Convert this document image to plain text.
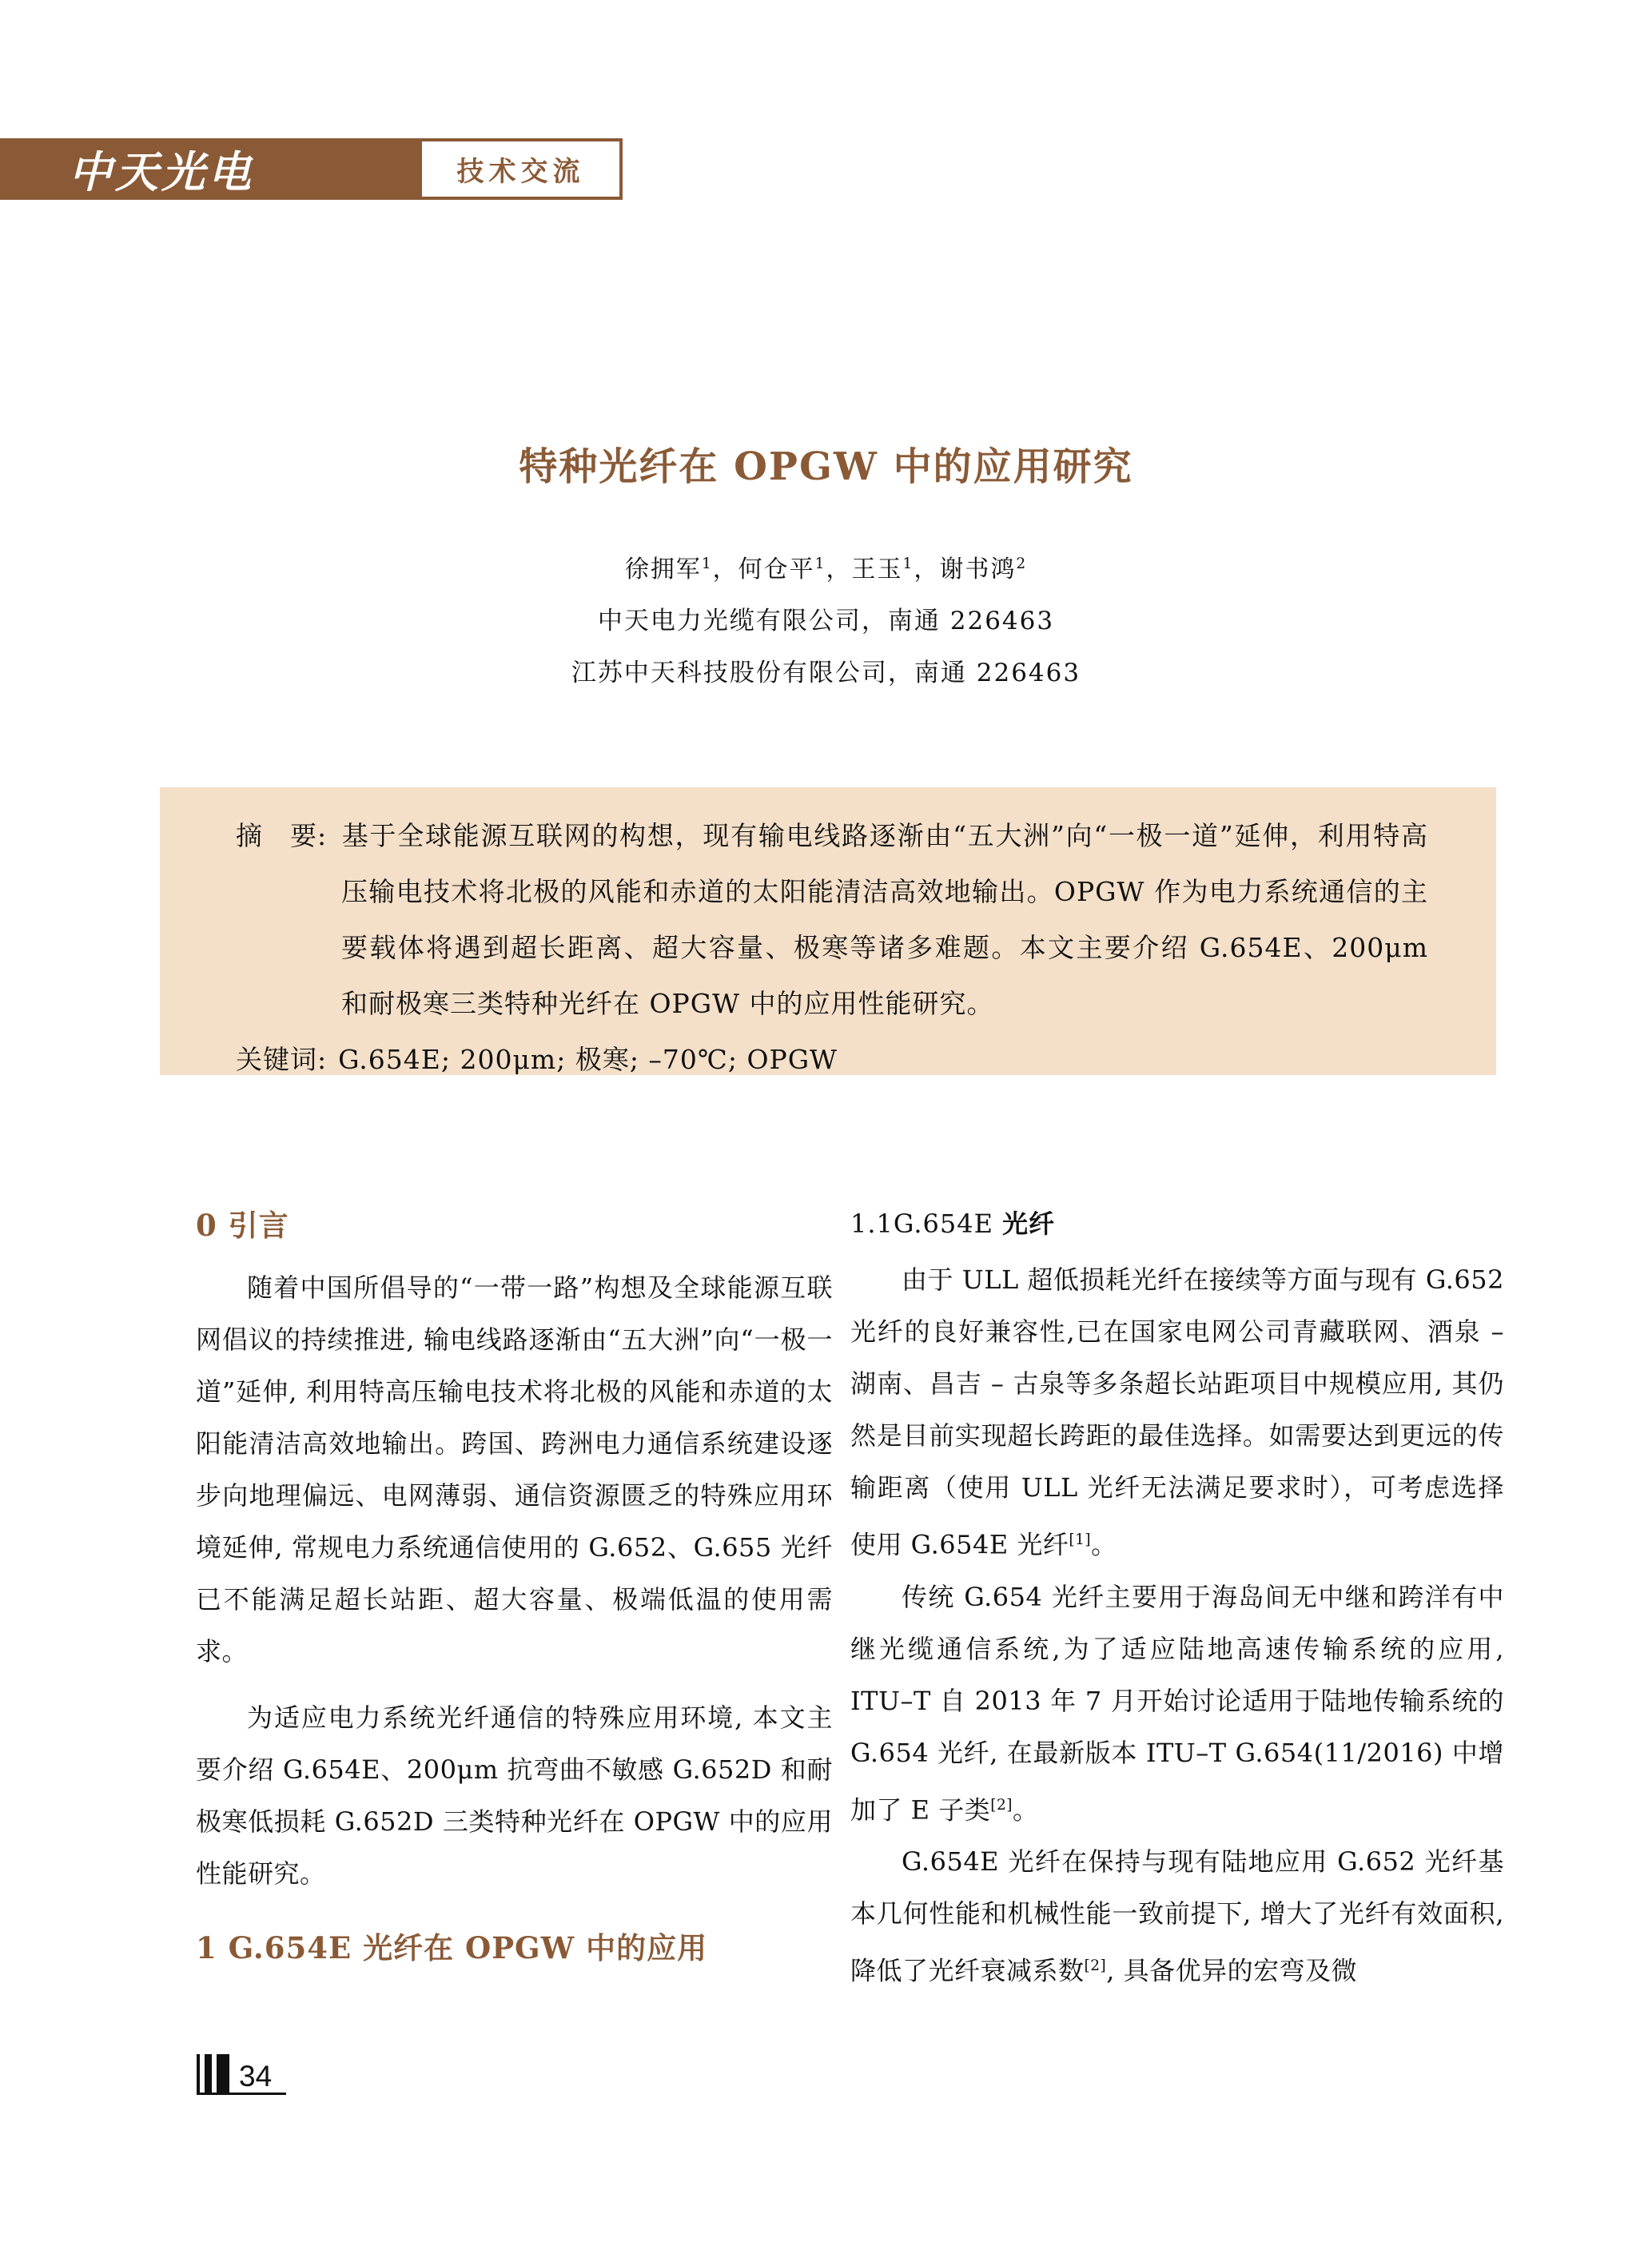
中天光电	技术交流
特种光纤在 OPGW 中的应用研究
徐拥军$^1$，何仓平$^1$，王玉$^1$，谢书鸿$^2$
中天电力光缆有限公司，南通 226463
江苏中天科技股份有限公司，南通 226463

摘　要: 基于全球能源互联网的构想，现有输电线路逐渐由“五大洲”向“一极一道”延伸，利用特高压输电技术将北极的风能和赤道的太阳能清洁高效地输出。OPGW 作为电力系统通信的主要载体将遇到超长距离、超大容量、极寒等诸多难题。本文主要介绍 G.654E、200μm 和耐极寒三类特种光纤在 OPGW 中的应用性能研究。

关键词: G.654E; 200μm; 极寒; –70℃; OPGW

0 引言

随着中国所倡导的“一带一路”构想及全球能源互联网倡议的持续推进, 输电线路逐渐由“五大洲”向“一极一道”延伸, 利用特高压输电技术将北极的风能和赤道的太阳能清洁高效地输出。跨国、跨洲电力通信系统建设逐步向地理偏远、电网薄弱、通信资源匮乏的特殊应用环境延伸, 常规电力系统通信使用的 G.652、G.655 光纤已不能满足超长站距、超大容量、极端低温的使用需求。

为适应电力系统光纤通信的特殊应用环境, 本文主要介绍 G.654E、200μm 抗弯曲不敏感 G.652D 和耐极寒低损耗 G.652D 三类特种光纤在 OPGW 中的应用性能研究。

1 G.654E 光纤在 OPGW 中的应用
1.1G.654E 光纤

由于 ULL 超低损耗光纤在接续等方面与现有 G.652 光纤的良好兼容性,已在国家电网公司青藏联网、酒泉 – 湖南、昌吉 – 古泉等多条超长站距项目中规模应用, 其仍然是目前实现超长跨距的最佳选择。如需要达到更远的传输距离（使用 ULL 光纤无法满足要求时），可考虑选择使用 G.654E 光纤[1]。

传统 G.654 光纤主要用于海岛间无中继和跨洋有中继光缆通信系统,为了适应陆地高速传输系统的应用, ITU–T 自 2013 年 7 月开始讨论适用于陆地传输系统的 G.654 光纤, 在最新版本 ITU–T G.654(11/2016) 中增加了 E 子类[2]。

G.654E 光纤在保持与现有陆地应用 G.652 光纤基本几何性能和机械性能一致前提下, 增大了光纤有效面积, 降低了光纤衰减系数[2], 具备优异的宏弯及微

34
